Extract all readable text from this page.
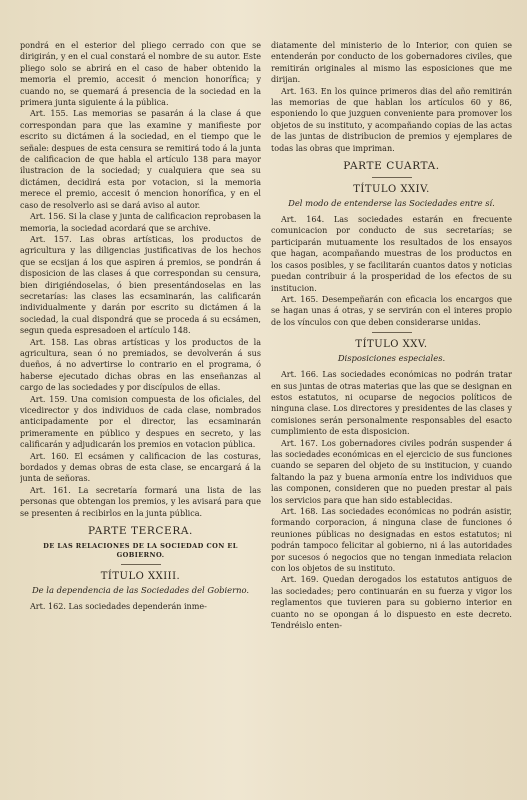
pondrá en el esterior del pliego cerrado con que se dirigirán, y en el cual constará el nombre de su autor. Este pliego solo se abrirá en el caso de haber obtenido la memoria el premio, accesit ó mencion honorífica; y cuando no, se quemará á presencia de la sociedad en la primera junta siguiente á la pública.

Art. 155. Las memorias se pasarán á la clase á que correspondan para que las examine y manifieste por escrito su dictámen á la sociedad, en el tiempo que le señale: despues de esta censura se remitirá todo á la junta de calificacion de que habla el artículo 138 para mayor ilustracion de la sociedad; y cualquiera que sea su dictámen, decidirá esta por votacion, si la memoria merece el premio, accesit ó mencion honorífica, y en el caso de resolverlo asi se dará aviso al autor.

Art. 156. Si la clase y junta de calificacion reprobasen la memoria, la sociedad acordará que se archive.

Art. 157. Las obras artísticas, los productos de agricultura y las diligencias justificativas de los hechos que se ecsijan á los que aspiren á premios, se pondrán á disposicion de las clases á que correspondan su censura, bien dirigiéndoselas, ó bien presentándoselas en las secretarías: las clases las ecsaminarán, las calificarán individualmente y darán por escrito su dictámen á la sociedad, la cual dispondrá que se proceda á su ecsámen, segun queda espresadoen el artículo 148.

Art. 158. Las obras artísticas y los productos de la agricultura, sean ó no premiados, se devolverán á sus dueños, á no advertirse lo contrario en el programa, ó haberse ejecutado dichas obras en las enseñanzas al cargo de las sociedades y por discípulos de ellas.

Art. 159. Una comision compuesta de los oficiales, del vicedirector y dos individuos de cada clase, nombrados anticipadamente por el director, las ecsaminarán primeramente en público y despues en secreto, y las calificarán y adjudicarán los premios en votacion pública.

Art. 160. El ecsámen y calificacion de las costuras, bordados y demas obras de esta clase, se encargará á la junta de señoras.

Art. 161. La secretaría formará una lista de las personas que obtengan los premios, y les avisará para que se presenten á recibirlos en la junta pública.

PARTE TERCERA.
DE LAS RELACIONES DE LA SOCIEDAD CON EL GOBIERNO.
TÍTULO XXIII.
De la dependencia de las Sociedades del Gobierno.

Art. 162. Las sociedades dependerán inme-

diatamente del ministerio de lo Interior, con quien se entenderán por conducto de los gobernadores civiles, que remitirán originales al mismo las esposiciones que me dirijan.

Art. 163. En los quince primeros dias del año remitirán las memorias de que hablan los artículos 60 y 86, esponiendo lo que juzguen conveniente para promover los objetos de su instituto, y acompañando copias de las actas de las juntas de distribucion de premios y ejemplares de todas las obras que impriman.

PARTE CUARTA.
TÍTULO XXIV.
Del modo de entenderse las Sociedades entre sí.

Art. 164. Las sociedades estarán en frecuente comunicacion por conducto de sus secretarías; se participarán mutuamente los resultados de los ensayos que hagan, acompañando muestras de los productos en los casos posibles, y se facilitarán cuantos datos y noticias puedan contribuir á la prosperidad de los efectos de su institucion.

Art. 165. Desempeñarán con eficacia los encargos que se hagan unas á otras, y se servirán con el interes propio de los vínculos con que deben considerarse unidas.

TÍTULO XXV.
Disposiciones especiales.

Art. 166. Las sociedades económicas no podrán tratar en sus juntas de otras materias que las que se designan en estos estatutos, ni ocuparse de negocios políticos de ninguna clase. Los directores y presidentes de las clases y comisiones serán personalmente responsables del esacto cumplimiento de esta disposicion.

Art. 167. Los gobernadores civiles podrán suspender á las sociedades económicas en el ejercicio de sus funciones cuando se separen del objeto de su institucion, y cuando faltando la paz y buena armonía entre los individuos que las componen, consideren que no pueden prestar al pais los servicios para que han sido establecidas.

Art. 168. Las sociedades económicas no podrán asistir, formando corporacion, á ninguna clase de funciones ó reuniones públicas no designadas en estos estatutos; ni podrán tampoco felicitar al gobierno, ni á las autoridades por sucesos ó negocios que no tengan inmediata relacion con los objetos de su instituto.

Art. 169. Quedan derogados los estatutos antiguos de las sociedades; pero continuarán en su fuerza y vigor los reglamentos que tuvieren para su gobierno interior en cuanto no se opongan á lo dispuesto en este decreto. Tendréislo enten-
